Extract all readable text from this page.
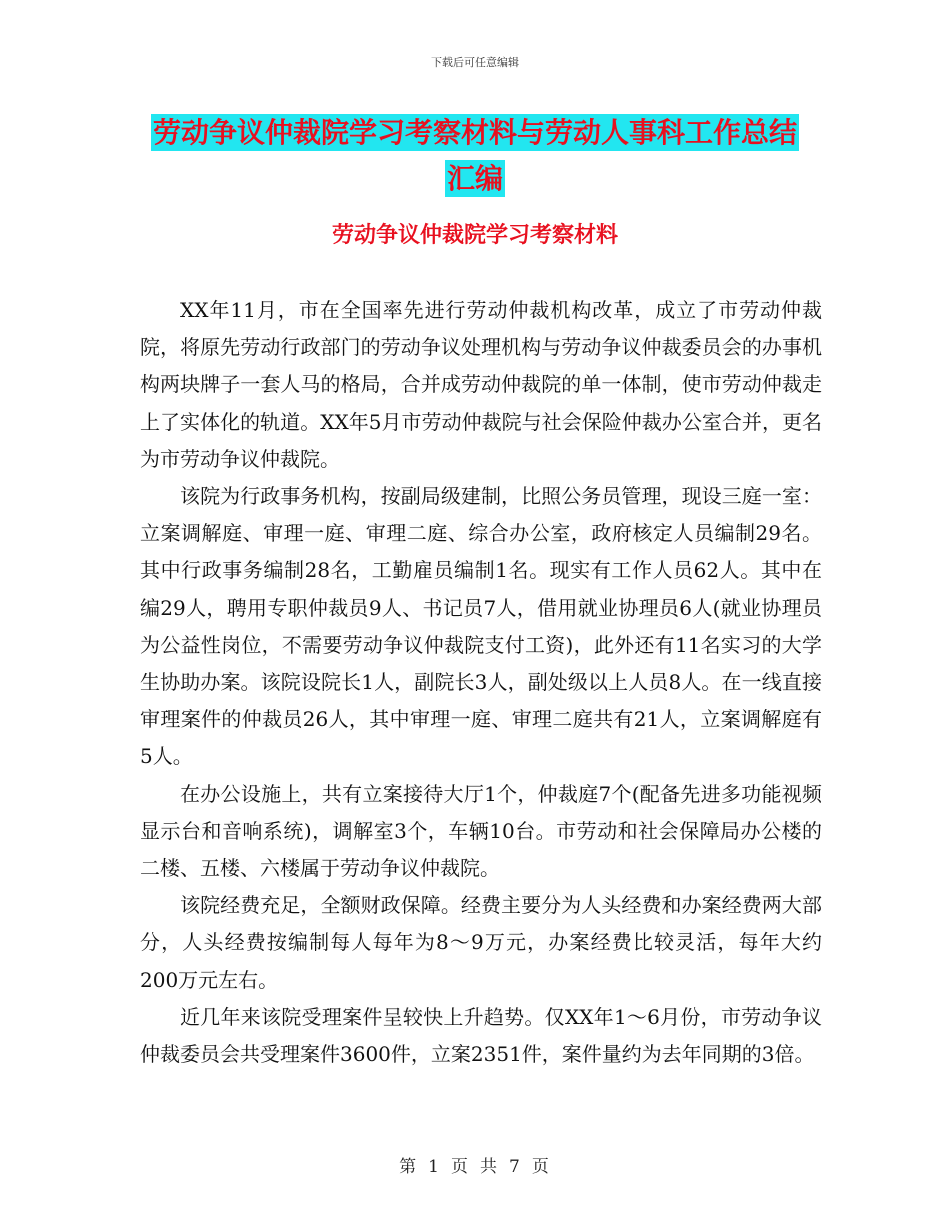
下载后可任意编辑
劳动争议仲裁院学习考察材料与劳动人事科工作总结
汇编
劳动争议仲裁院学习考察材料

XX年11月，市在全国率先进行劳动仲裁机构改革，成立了市劳动仲裁院，将原先劳动行政部门的劳动争议处理机构与劳动争议仲裁委员会的办事机构两块牌子一套人马的格局，合并成劳动仲裁院的单一体制，使市劳动仲裁走上了实体化的轨道。XX年5月市劳动仲裁院与社会保险仲裁办公室合并，更名为市劳动争议仲裁院。

该院为行政事务机构，按副局级建制，比照公务员管理，现设三庭一室：立案调解庭、审理一庭、审理二庭、综合办公室，政府核定人员编制29名。其中行政事务编制28名，工勤雇员编制1名。现实有工作人员62人。其中在编29人，聘用专职仲裁员9人、书记员7人，借用就业协理员6人(就业协理员为公益性岗位，不需要劳动争议仲裁院支付工资)，此外还有11名实习的大学生协助办案。该院设院长1人，副院长3人，副处级以上人员8人。在一线直接审理案件的仲裁员26人，其中审理一庭、审理二庭共有21人，立案调解庭有5人。

在办公设施上，共有立案接待大厅1个，仲裁庭7个(配备先进多功能视频显示台和音响系统)，调解室3个，车辆10台。市劳动和社会保障局办公楼的二楼、五楼、六楼属于劳动争议仲裁院。

该院经费充足，全额财政保障。经费主要分为人头经费和办案经费两大部分，人头经费按编制每人每年为8～9万元，办案经费比较灵活，每年大约200万元左右。

近几年来该院受理案件呈较快上升趋势。仅XX年1～6月份，市劳动争议仲裁委员会共受理案件3600件，立案2351件，案件量约为去年同期的3倍。

第 1 页 共 7 页
